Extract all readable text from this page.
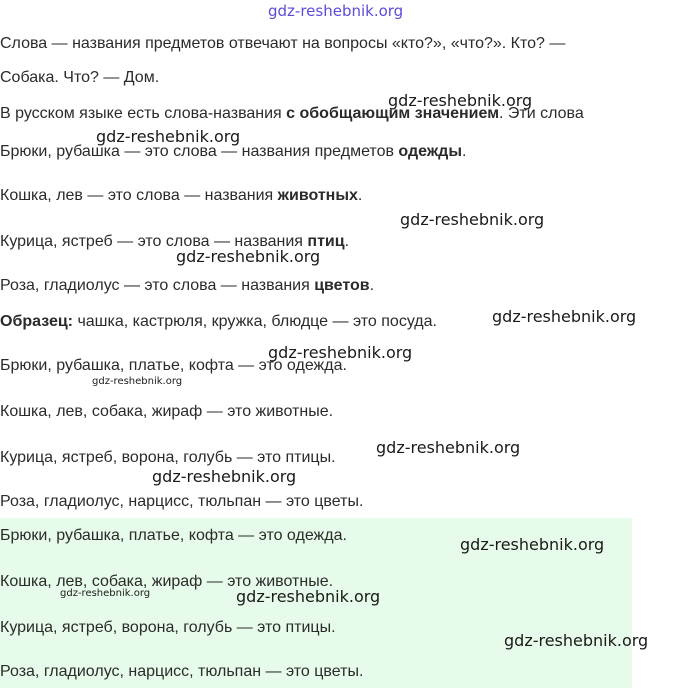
Слова — названия предметов отвечают на вопросы «кто?», «что?». Кто? —
Собака. Что? — Дом.
В русском языке есть слова-названия с обобщающим значением. Эти слова
Брюки, рубашка — это слова — названия предметов одежды.
Кошка, лев — это слова — названия животных.
Курица, ястреб — это слова — названия птиц.
Роза, гладиолус — это слова — названия цветов.
Образец: чашка, кастрюля, кружка, блюдце — это посуда.
Брюки, рубашка, платье, кофта — это одежда.
Кошка, лев, собака, жираф — это животные.
Курица, ястреб, ворона, голубь — это птицы.
Роза, гладиолус, нарцисс, тюльпан — это цветы.
Брюки, рубашка, платье, кофта — это одежда.
Кошка, лев, собака, жираф — это животные.
Курица, ястреб, ворона, голубь — это птицы.
Роза, гладиолус, нарцисс, тюльпан — это цветы.
gdz-reshebnik.org
gdz-reshebnik.org
gdz-reshebnik.org
gdz-reshebnik.org
gdz-reshebnik.org
gdz-reshebnik.org
gdz-reshebnik.org
gdz-reshebnik.org
gdz-reshebnik.org
gdz-reshebnik.org
gdz-reshebnik.org
gdz-reshebnik.org	gdz-reshebnik.org
gdz-reshebnik.org
